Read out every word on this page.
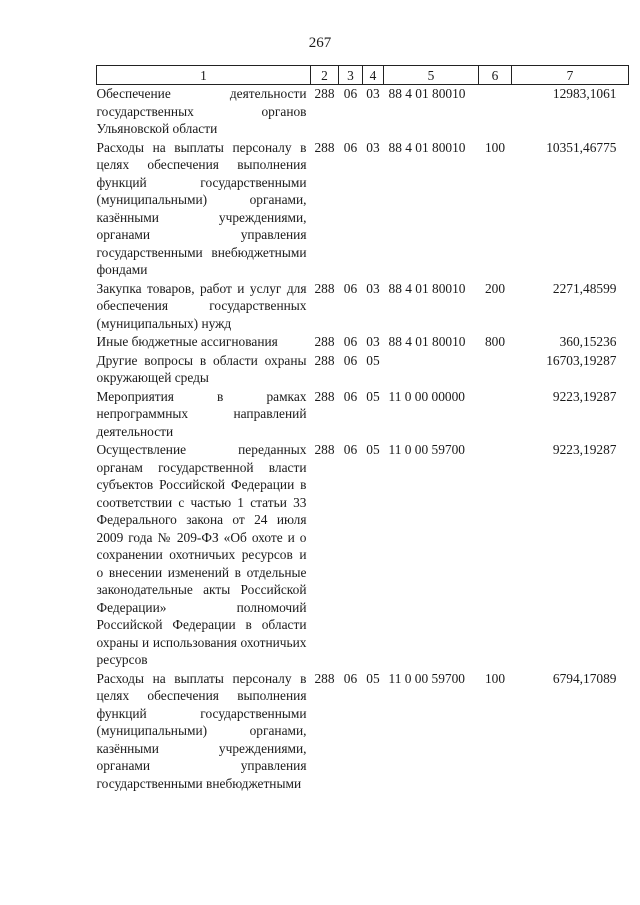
267
1	2	3	4	5	6	7
Обеспечение деятельности государственных органов Ульяновской области	288	06	03	88 4 01 80010		12983,1061
Расходы на выплаты персоналу в целях обеспечения выполнения функций государственными (муниципальными) органами, казёнными учреждениями, органами управления государственными внебюджетными фондами	288	06	03	88 4 01 80010	100	10351,46775
Закупка товаров, работ и услуг для обеспечения государственных (муниципальных) нужд	288	06	03	88 4 01 80010	200	2271,48599
Иные бюджетные ассигнования	288	06	03	88 4 01 80010	800	360,15236
Другие вопросы в области охраны окружающей среды	288	06	05			16703,19287
Мероприятия в рамках непрограммных направлений деятельности	288	06	05	11 0 00 00000		9223,19287
Осуществление переданных органам государственной власти субъектов Российской Федерации в соответствии с частью 1 статьи 33 Федерального закона от 24 июля 2009 года № 209-ФЗ «Об охоте и о сохранении охотничьих ресурсов и о внесении изменений в отдельные законодательные акты Российской Федерации» полномочий Российской Федерации в области охраны и использования охотничьих ресурсов	288	06	05	11 0 00 59700		9223,19287
Расходы на выплаты персоналу в целях обеспечения выполнения функций государственными (муниципальными) органами, казёнными учреждениями, органами управления государственными внебюджетными	288	06	05	11 0 00 59700	100	6794,17089
